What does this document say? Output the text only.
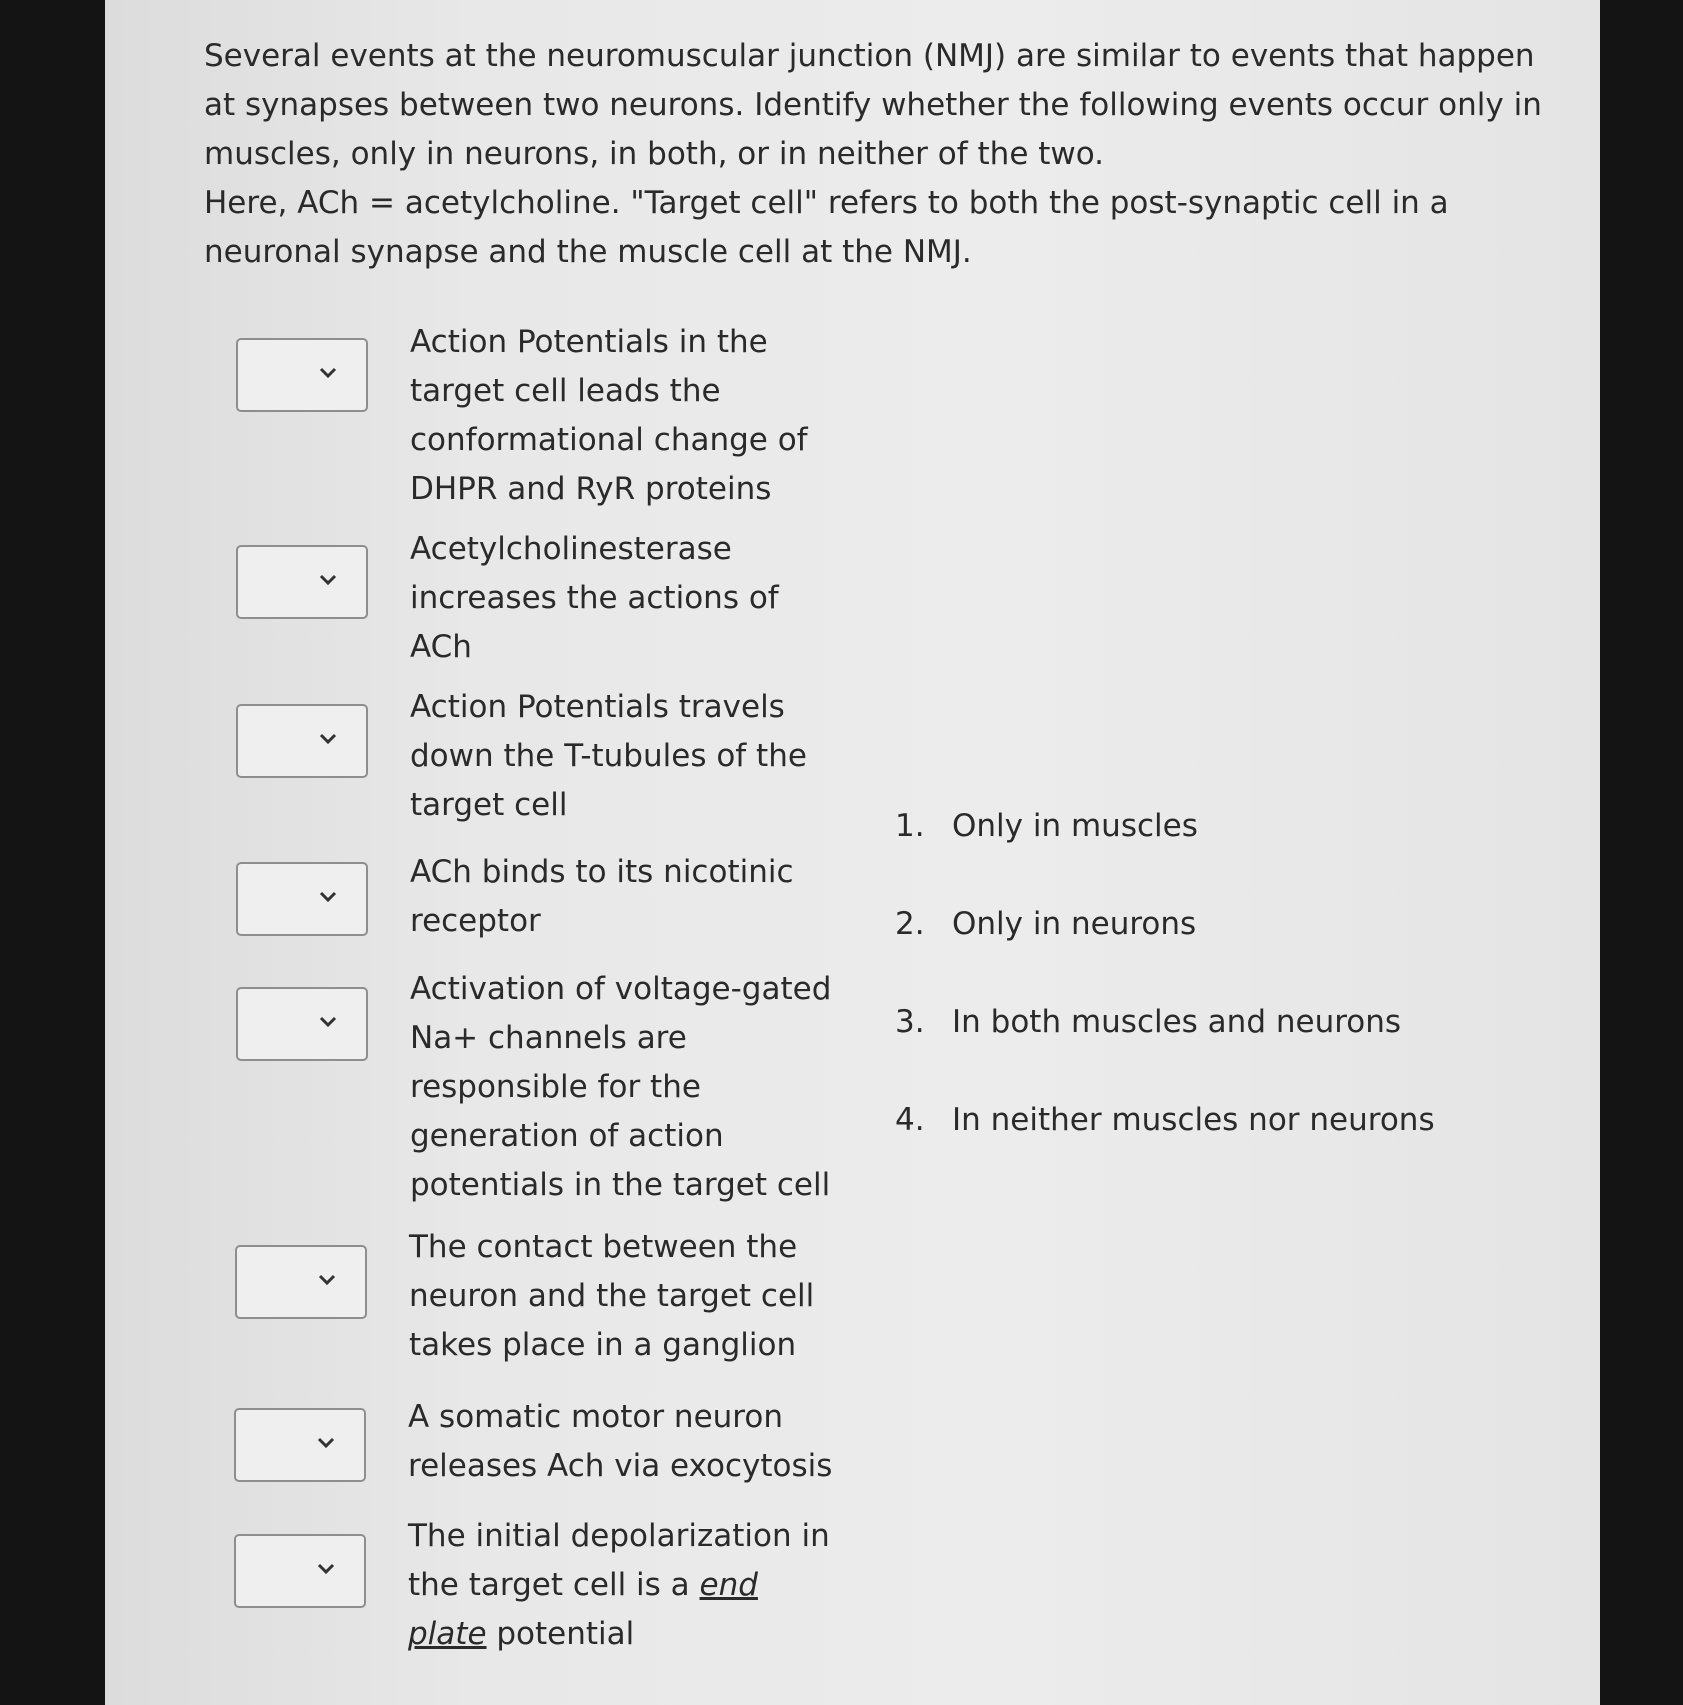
Several events at the neuromuscular junction (NMJ) are similar to events that happen at synapses between two neurons. Identify whether the following events occur only in muscles, only in neurons, in both, or in neither of the two.

Here, ACh = acetylcholine. "Target cell" refers to both the post-synaptic cell in a neuronal synapse and the muscle cell at the NMJ.

Action Potentials in the target cell leads the conformational change of DHPR and RyR proteins

Acetylcholinesterase increases the actions of ACh

Action Potentials travels down the T-tubules of the target cell

ACh binds to its nicotinic receptor

Activation of voltage-gated Na+ channels are responsible for the generation of action potentials in the target cell

The contact between the neuron and the target cell takes place in a ganglion

A somatic motor neuron releases Ach via exocytosis

The initial depolarization in the target cell is a end plate potential

1. Only in muscles
2. Only in neurons
3. In both muscles and neurons
4. In neither muscles nor neurons
